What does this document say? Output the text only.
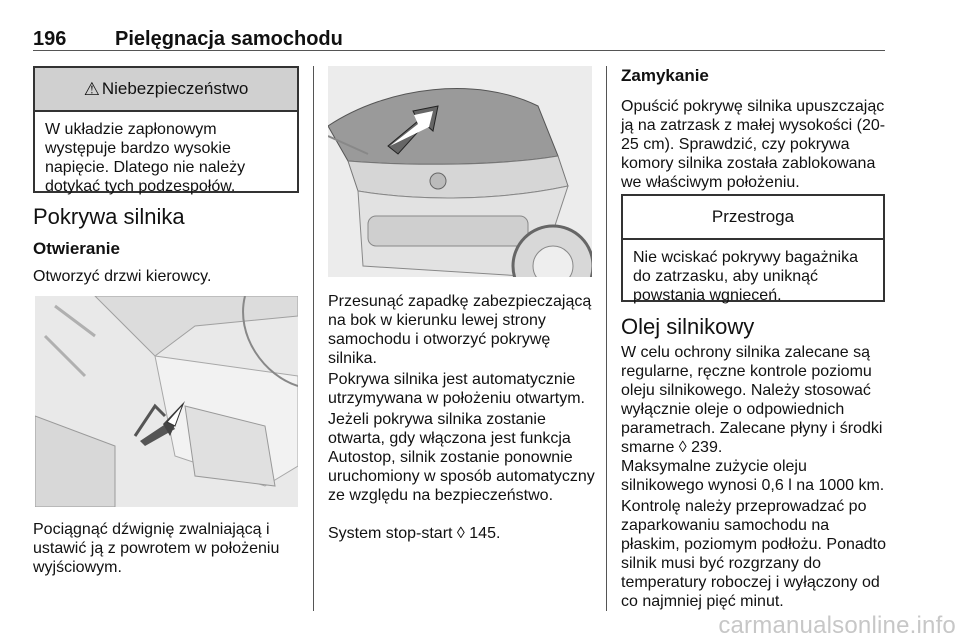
196 Pielęgnacja samochodu
⚠ Niebezpieczeństwo
W układzie zapłonowym występuje bardzo wysokie napięcie. Dlatego nie należy dotykać tych podzespołów.
Pokrywa silnika
Otwieranie
Otworzyć drzwi kierowcy.
Pociągnąć dźwignię zwalniającą i ustawić ją z powrotem w położeniu wyjściowym.
Przesunąć zapadkę zabezpieczającą na bok w kierunku lewej strony samochodu i otworzyć pokrywę silnika.
Pokrywa silnika jest automatycznie utrzymywana w położeniu otwartym.
Jeżeli pokrywa silnika zostanie otwarta, gdy włączona jest funkcja Autostop, silnik zostanie ponownie uruchomiony w sposób automatyczny ze względu na bezpieczeństwo.
System stop-start ◊ 145.
Zamykanie
Opuścić pokrywę silnika upuszczając ją na zatrzask z małej wysokości (20-25 cm). Sprawdzić, czy pokrywa komory silnika została zablokowana we właściwym położeniu.
Przestroga
Nie wciskać pokrywy bagażnika do zatrzasku, aby uniknąć powstania wgnieceń.
Olej silnikowy
W celu ochrony silnika zalecane są regularne, ręczne kontrole poziomu oleju silnikowego. Należy stosować wyłącznie oleje o odpowiednich parametrach. Zalecane płyny i środki smarne ◊ 239.
Maksymalne zużycie oleju silnikowego wynosi 0,6 l na 1000 km.
Kontrolę należy przeprowadzać po zaparkowaniu samochodu na płaskim, poziomym podłożu. Ponadto silnik musi być rozgrzany do temperatury roboczej i wyłączony od co najmniej pięć minut.
carmanualsonline.info
